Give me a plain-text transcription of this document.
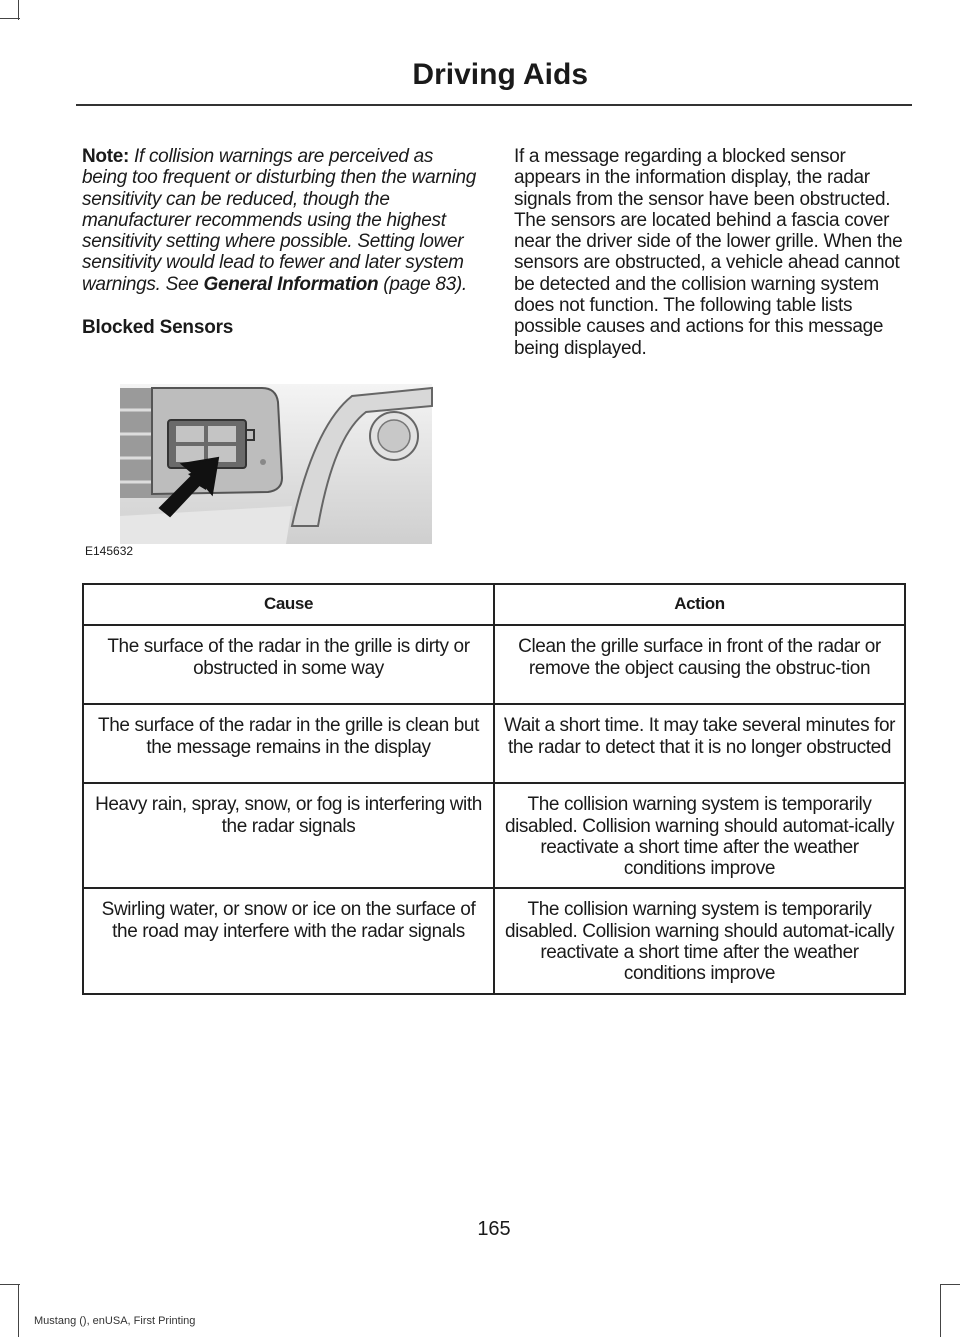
Driving Aids

Note: If collision warnings are perceived as being too frequent or disturbing then the warning sensitivity can be reduced, though the manufacturer recommends using the highest sensitivity setting where possible. Setting lower sensitivity would lead to fewer and later system warnings. See General Information (page 83).

Blocked Sensors

If a message regarding a blocked sensor appears in the information display, the radar signals from the sensor have been obstructed. The sensors are located behind a fascia cover near the driver side of the lower grille. When the sensors are obstructed, a vehicle ahead cannot be detected and the collision warning system does not function. The following table lists possible causes and actions for this message being displayed.

E145632
Cause	Action
The surface of the radar in the grille is dirty or obstructed in some way	Clean the grille surface in front of the radar or remove the object causing the obstruc-tion
The surface of the radar in the grille is clean but the message remains in the display	Wait a short time. It may take several minutes for the radar to detect that it is no longer obstructed
Heavy rain, spray, snow, or fog is interfering with the radar signals	The collision warning system is temporarily disabled. Collision warning should automat-ically reactivate a short time after the weather conditions improve
Swirling water, or snow or ice on the surface of the road may interfere with the radar signals	The collision warning system is temporarily disabled. Collision warning should automat-ically reactivate a short time after the weather conditions improve
165
Mustang (), enUSA, First Printing
